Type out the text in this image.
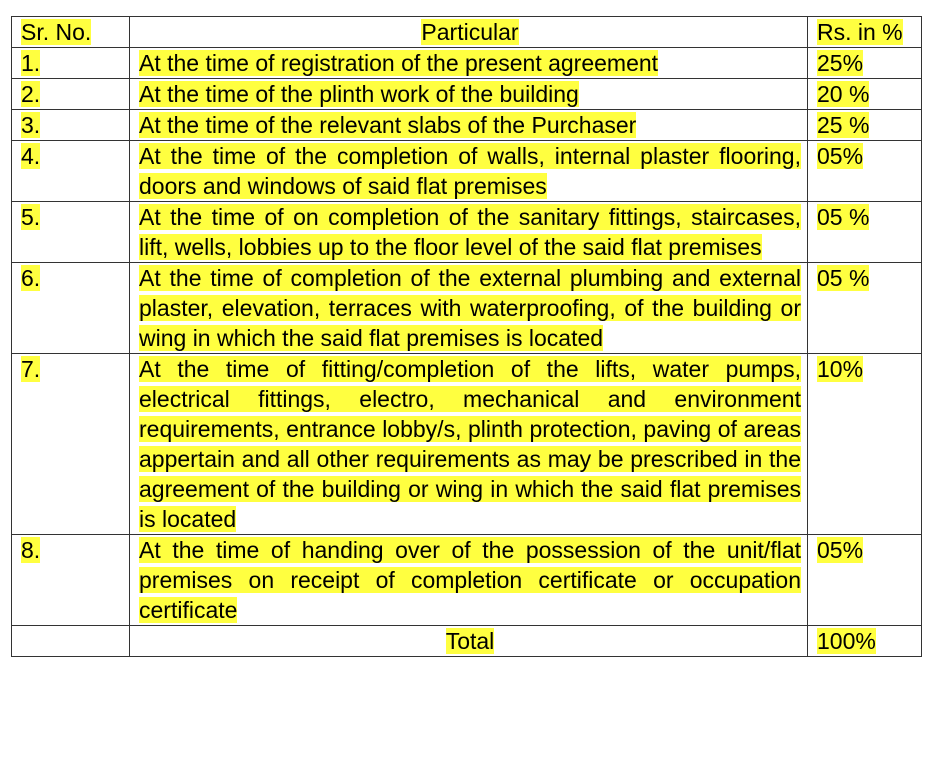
Sr. No.	Particular	Rs. in %
1.	At the time of registration of the present agreement	25%
2.	At the time of the plinth work of the building	20 %
3.	At the time of the relevant slabs of the Purchaser	25 %
4.	At the time of the completion of walls, internal plaster flooring, doors and windows of said flat premises	05%
5.	At the time of on completion of the sanitary fittings, staircases, lift, wells, lobbies up to the floor level of the said flat premises	05 %
6.	At the time of completion of the external plumbing and external plaster, elevation, terraces with waterproofing, of the building or wing in which the said flat premises is located	05 %
7.	At the time of fitting/completion of the lifts, water pumps, electrical fittings, electro, mechanical and environment requirements, entrance lobby/s, plinth protection, paving of areas appertain and all other requirements as may be prescribed in the agreement of the building or wing in which the said flat premises is located	10%
8.	At the time of handing over of the possession of the unit/flat premises on receipt of completion certificate or occupation certificate	05%
	Total	100%
